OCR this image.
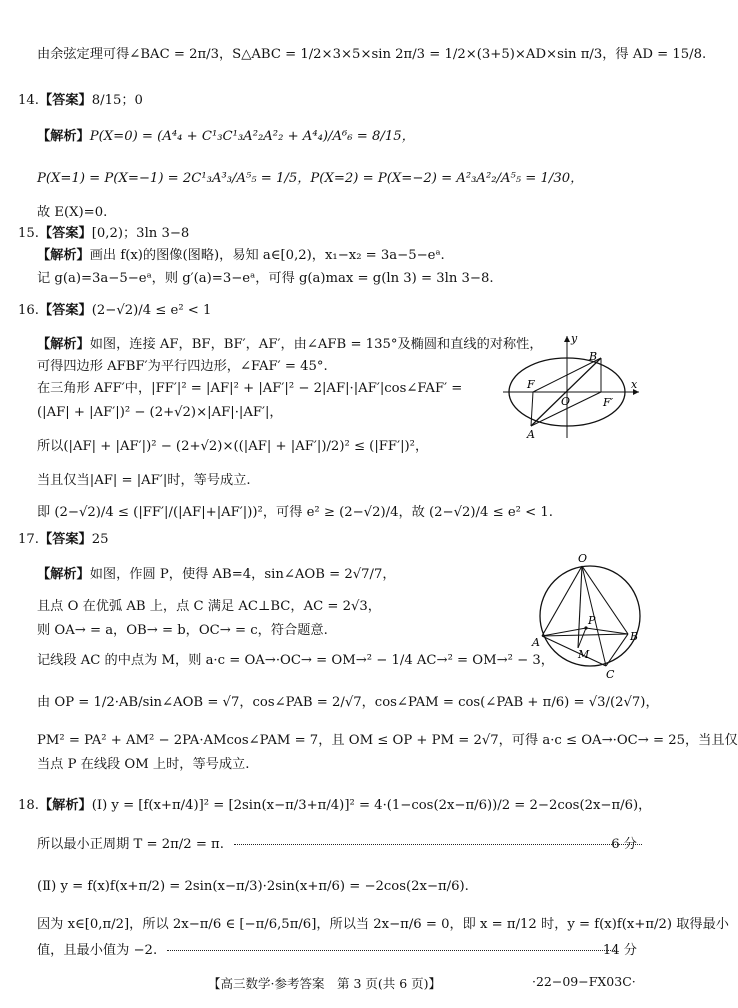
由余弦定理可得∠BAC = 2π/3，S△ABC = 1/2×3×5×sin 2π/3 = 1/2×(3+5)×AD×sin π/3，得 AD = 15/8.
14.【答案】8/15；0
【解析】P(X=0) = (A⁴₄ + C¹₃C¹₃A²₂A²₂ + A⁴₄)/A⁶₆ = 8/15，
P(X=1) = P(X=−1) = 2C¹₃A³₃/A⁵₅ = 1/5，P(X=2) = P(X=−2) = A²₃A²₂/A⁵₅ = 1/30，
故 E(X)=0.
15.【答案】[0,2)；3ln 3−8
【解析】画出 f(x)的图像(图略)，易知 a∈[0,2)，x₁−x₂ = 3a−5−eᵃ.
记 g(a)=3a−5−eᵃ，则 g′(a)=3−eᵃ，可得 g(a)max = g(ln 3) = 3ln 3−8.
16.【答案】(2−√2)/4 ≤ e² < 1
【解析】如图，连接 AF，BF，BF′，AF′，由∠AFB = 135°及椭圆和直线的对称性，
可得四边形 AFBF′为平行四边形，∠FAF′ = 45°.
在三角形 AFF′中，|FF′|² = |AF|² + |AF′|² − 2|AF|·|AF′|cos∠FAF′ =
(|AF| + |AF′|)² − (2+√2)×|AF|·|AF′|，
所以(|AF| + |AF′|)² − (2+√2)×((|AF| + |AF′|)/2)² ≤ (|FF′|)²，
当且仅当|AF| = |AF′|时，等号成立.
即 (2−√2)/4 ≤ (|FF′|/(|AF|+|AF′|))²，可得 e² ≥ (2−√2)/4，故 (2−√2)/4 ≤ e² < 1.
y
x
O
A
B
F
F′
17.【答案】25
【解析】如图，作圆 P，使得 AB=4，sin∠AOB = 2√7/7，
且点 O 在优弧 AB 上，点 C 满足 AC⊥BC，AC = 2√3，
则 OA→ = a，OB→ = b，OC→ = c，符合题意.
记线段 AC 的中点为 M，则 a·c = OA→·OC→ = OM→² − 1/4 AC→² = OM→² − 3，
由 OP = 1/2·AB/sin∠AOB = √7，cos∠PAB = 2/√7，cos∠PAM = cos(∠PAB + π/6) = √3/(2√7)，
PM² = PA² + AM² − 2PA·AMcos∠PAM = 7，且 OM ≤ OP + PM = 2√7，可得 a·c ≤ OA→·OC→ = 25，当且仅
当点 P 在线段 OM 上时，等号成立.
O
P
A	B
M
C
18.【解析】(Ⅰ) y = [f(x+π/4)]² = [2sin(x−π/3+π/4)]² = 4·(1−cos(2x−π/6))/2 = 2−2cos(2x−π/6)，
所以最小正周期 T = 2π/2 = π.	6 分
(Ⅱ) y = f(x)f(x+π/2) = 2sin(x−π/3)·2sin(x+π/6) = −2cos(2x−π/6).
因为 x∈[0,π/2]，所以 2x−π/6 ∈ [−π/6,5π/6]，所以当 2x−π/6 = 0，即 x = π/12 时，y = f(x)f(x+π/2) 取得最小
值，且最小值为 −2.	14 分
【高三数学·参考答案　第 3 页(共 6 页)】	·22−09−FX03C·
